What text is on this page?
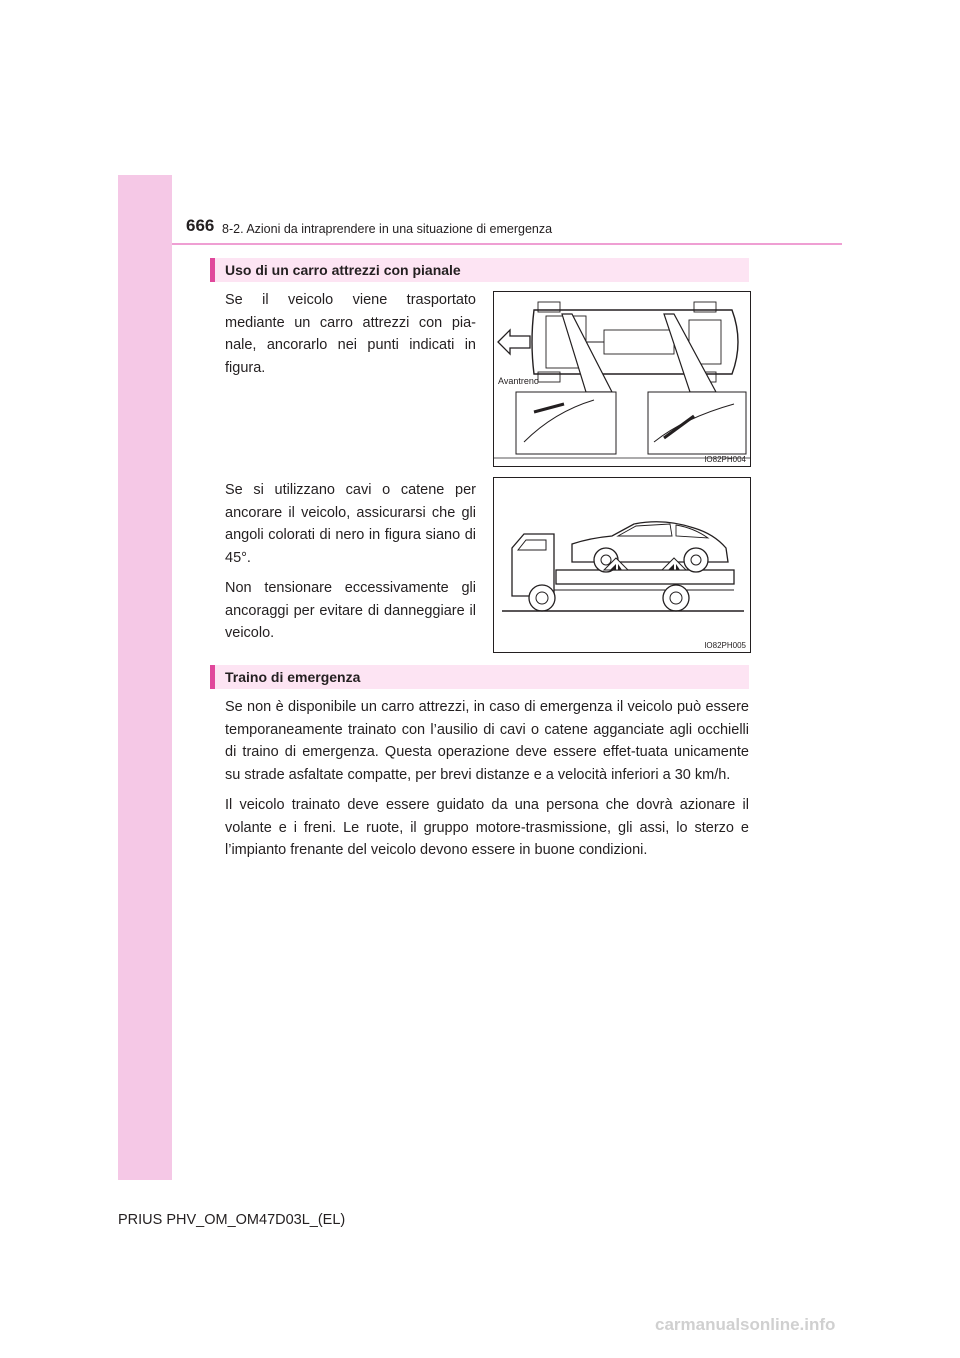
666 8-2. Azioni da intraprendere in una situazione di emergenza
Uso di un carro attrezzi con pianale

Se il veicolo viene trasportato mediante un carro attrezzi con pia-nale, ancorarlo nei punti indicati in figura.

Avantreno
IO82PH004

Se si utilizzano cavi o catene per ancorare il veicolo, assicurarsi che gli angoli colorati di nero in figura siano di 45°.

Non tensionare eccessivamente gli ancoraggi per evitare di danneggiare il veicolo.

IO82PH005
Traino di emergenza

Se non è disponibile un carro attrezzi, in caso di emergenza il veicolo può essere temporaneamente trainato con l’ausilio di cavi o catene agganciate agli occhielli di traino di emergenza. Questa operazione deve essere effet-tuata unicamente su strade asfaltate compatte, per brevi distanze e a velocità inferiori a 30 km/h.

Il veicolo trainato deve essere guidato da una persona che dovrà azionare il volante e i freni. Le ruote, il gruppo motore-trasmissione, gli assi, lo sterzo e l’impianto frenante del veicolo devono essere in buone condizioni.

PRIUS PHV_OM_OM47D03L_(EL)
carmanualsonline.info
